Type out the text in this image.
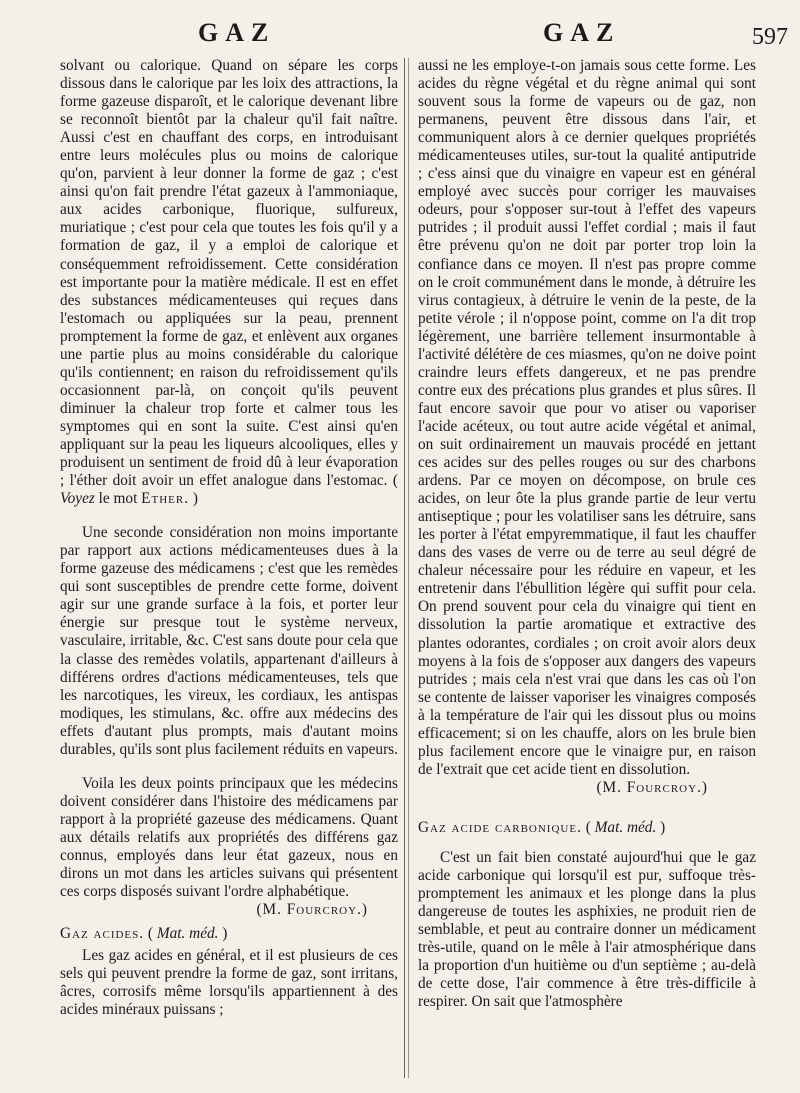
GAZ	GAZ	597

solvant ou calorique. Quand on sépare les corps dissous dans le calorique par les loix des attractions, la forme gazeuse disparoît, et le calorique devenant libre se reconnoît bientôt par la chaleur qu'il fait naître. Aussi c'est en chauffant des corps, en introduisant entre leurs molécules plus ou moins de calorique qu'on, parvient à leur donner la forme de gaz ; c'est ainsi qu'on fait prendre l'état gazeux à l'ammoniaque, aux acides carbonique, fluorique, sulfureux, muriatique ; c'est pour cela que toutes les fois qu'il y a formation de gaz, il y a emploi de calorique et conséquemment refroidissement. Cette considération est importante pour la matière médicale. Il est en effet des substances médicamenteuses qui reçues dans l'estomach ou appliquées sur la peau, prennent promptement la forme de gaz, et enlèvent aux organes une partie plus au moins considérable du calorique qu'ils contiennent; en raison du refroidissement qu'ils occasionnent par-là, on conçoit qu'ils peuvent diminuer la chaleur trop forte et calmer tous les symptomes qui en sont la suite. C'est ainsi qu'en appliquant sur la peau les liqueurs alcooliques, elles y produisent un sentiment de froid dû à leur évaporation ; l'éther doit avoir un effet analogue dans l'estomac. ( Voyez le mot Ether. )

Une seconde considération non moins importante par rapport aux actions médicamenteuses dues à la forme gazeuse des médicamens ; c'est que les remèdes qui sont susceptibles de prendre cette forme, doivent agir sur une grande surface à la fois, et porter leur énergie sur presque tout le système nerveux, vasculaire, irritable, &c. C'est sans doute pour cela que la classe des remèdes volatils, appartenant d'ailleurs à différens ordres d'actions médicamenteuses, tels que les narcotiques, les vireux, les cordiaux, les antispas modiques, les stimulans, &c. offre aux médecins des effets d'autant plus prompts, mais d'autant moins durables, qu'ils sont plus facilement réduits en vapeurs.

Voila les deux points principaux que les médecins doivent considérer dans l'histoire des médicamens par rapport à la propriété gazeuse des médicamens. Quant aux détails relatifs aux propriétés des différens gaz connus, employés dans leur état gazeux, nous en dirons un mot dans les articles suivans qui présentent ces corps disposés suivant l'ordre alphabétique.

(M. Fourcroy.)

Gaz acides. ( Mat. méd. )

Les gaz acides en général, et il est plusieurs de ces sels qui peuvent prendre la forme de gaz, sont irritans, âcres, corrosifs même lorsqu'ils appartiennent à des acides minéraux puissans ;

aussi ne les employe-t-on jamais sous cette forme. Les acides du règne végétal et du règne animal qui sont souvent sous la forme de vapeurs ou de gaz, non permanens, peuvent être dissous dans l'air, et communiquent alors à ce dernier quelques propriétés médicamenteuses utiles, sur-tout la qualité antiputride ; c'ess ainsi que du vinaigre en vapeur est en général employé avec succès pour corriger les mauvaises odeurs, pour s'opposer sur-tout à l'effet des vapeurs putrides ; il produit aussi l'effet cordial ; mais il faut être prévenu qu'on ne doit par porter trop loin la confiance dans ce moyen. Il n'est pas propre comme on le croit communément dans le monde, à détruire les virus contagieux, à détruire le venin de la peste, de la petite vérole ; il n'oppose point, comme on l'a dit trop légèrement, une barrière tellement insurmontable à l'activité délétère de ces miasmes, qu'on ne doive point craindre leurs effets dangereux, et ne pas prendre contre eux des précations plus grandes et plus sûres. Il faut encore savoir que pour vo atiser ou vaporiser l'acide acéteux, ou tout autre acide végétal et animal, on suit ordinairement un mauvais procédé en jettant ces acides sur des pelles rouges ou sur des charbons ardens. Par ce moyen on décompose, on brule ces acides, on leur ôte la plus grande partie de leur vertu antiseptique ; pour les volatiliser sans les détruire, sans les porter à l'état empyremmatique, il faut les chauffer dans des vases de verre ou de terre au seul dégré de chaleur nécessaire pour les réduire en vapeur, et les entretenir dans l'ébullition légère qui suffit pour cela. On prend souvent pour cela du vinaigre qui tient en dissolution la partie aromatique et extractive des plantes odorantes, cordiales ; on croit avoir alors deux moyens à la fois de s'opposer aux dangers des vapeurs putrides ; mais cela n'est vrai que dans les cas où l'on se contente de laisser vaporiser les vinaigres composés à la température de l'air qui les dissout plus ou moins efficacement; si on les chauffe, alors on les brule bien plus facilement encore que le vinaigre pur, en raison de l'extrait que cet acide tient en dissolution.

(M. Fourcroy.)

Gaz acide carbonique. ( Mat. méd. )

C'est un fait bien constaté aujourd'hui que le gaz acide carbonique qui lorsqu'il est pur, suffoque très-promptement les animaux et les plonge dans la plus dangereuse de toutes les asphixies, ne produit rien de semblable, et peut au contraire donner un médicament très-utile, quand on le mêle à l'air atmosphérique dans la proportion d'un huitième ou d'un septième ; au-delà de cette dose, l'air commence à être très-difficile à respirer. On sait que l'atmosphère
